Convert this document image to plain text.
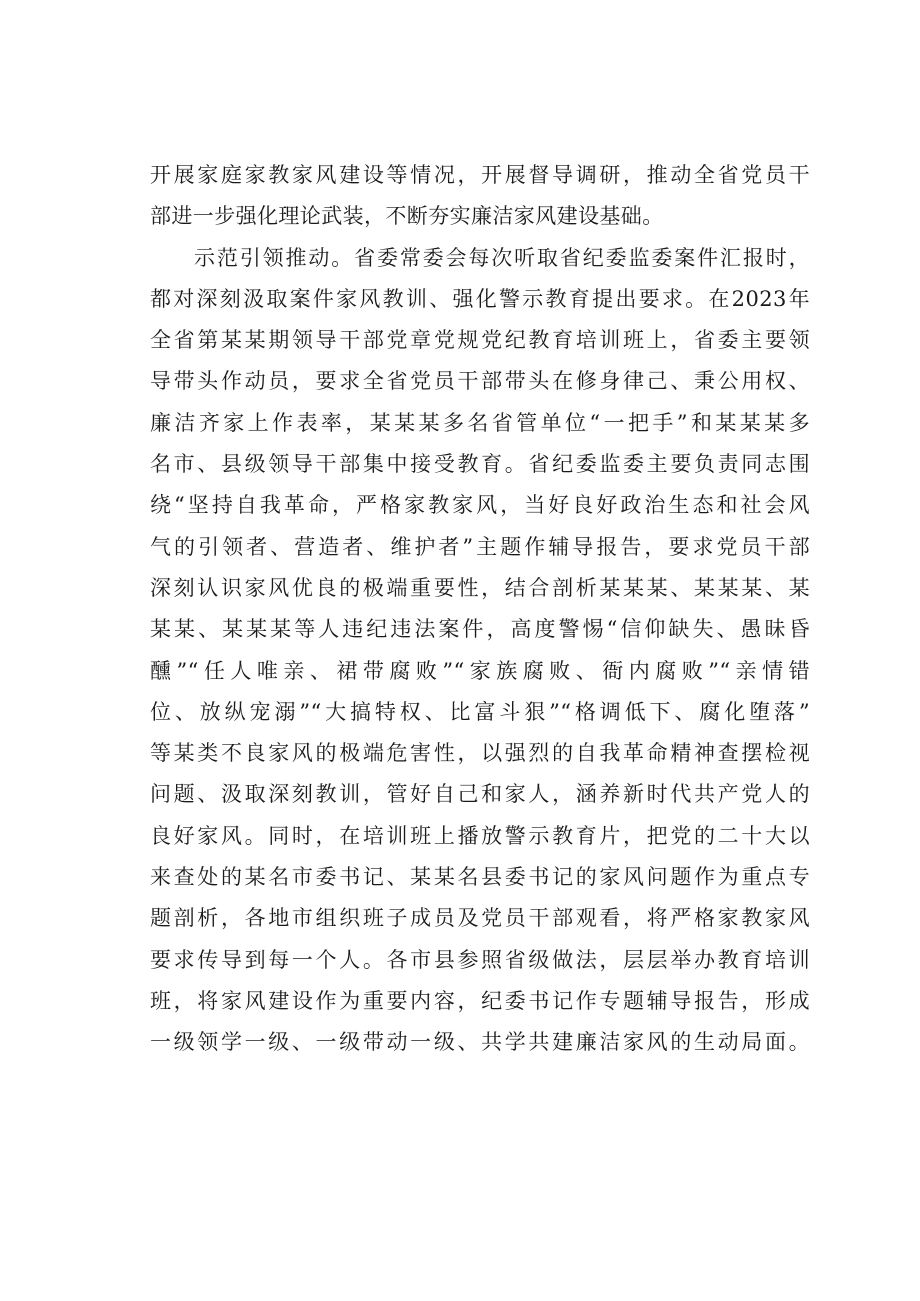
开展家庭家教家风建设等情况，开展督导调研，推动全省党员干
部进一步强化理论武装，不断夯实廉洁家风建设基础。
示范引领推动。省委常委会每次听取省纪委监委案件汇报时，
都对深刻汲取案件家风教训、强化警示教育提出要求。在2023年
全省第某某期领导干部党章党规党纪教育培训班上，省委主要领
导带头作动员，要求全省党员干部带头在修身律己、秉公用权、
廉洁齐家上作表率，某某某多名省管单位“一把手”和某某某多
名市、县级领导干部集中接受教育。省纪委监委主要负责同志围
绕“坚持自我革命，严格家教家风，当好良好政治生态和社会风
气的引领者、营造者、维护者”主题作辅导报告，要求党员干部
深刻认识家风优良的极端重要性，结合剖析某某某、某某某、某
某某、某某某等人违纪违法案件，高度警惕“信仰缺失、愚昧昏
醺”“任人唯亲、裙带腐败”“家族腐败、衙内腐败”“亲情错
位、放纵宠溺”“大搞特权、比富斗狠”“格调低下、腐化堕落”
等某类不良家风的极端危害性，以强烈的自我革命精神查摆检视
问题、汲取深刻教训，管好自己和家人，涵养新时代共产党人的
良好家风。同时，在培训班上播放警示教育片，把党的二十大以
来查处的某名市委书记、某某名县委书记的家风问题作为重点专
题剖析，各地市组织班子成员及党员干部观看，将严格家教家风
要求传导到每一个人。各市县参照省级做法，层层举办教育培训
班，将家风建设作为重要内容，纪委书记作专题辅导报告，形成
一级领学一级、一级带动一级、共学共建廉洁家风的生动局面。
